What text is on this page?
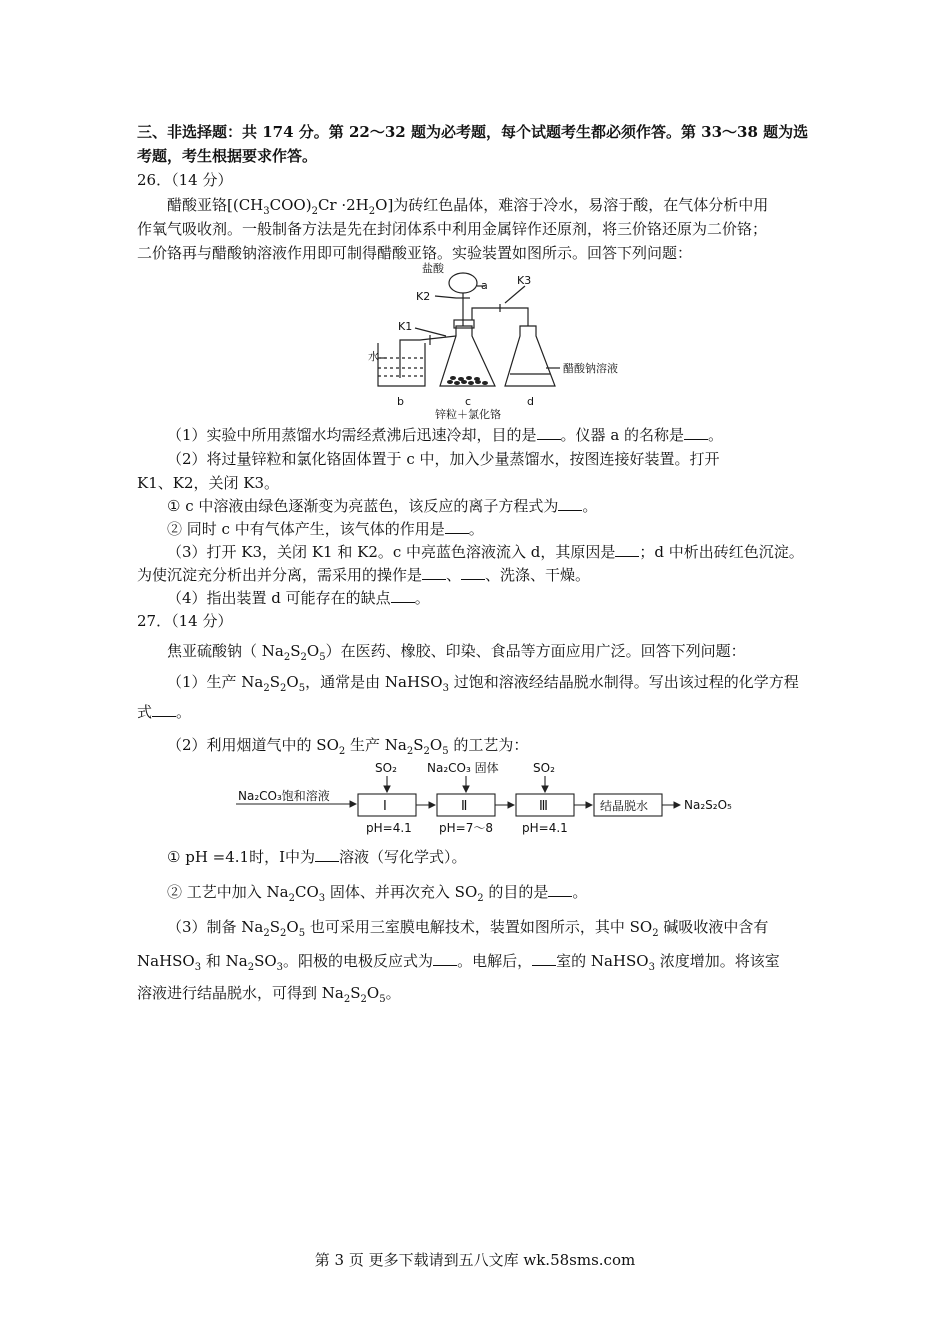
三、非选择题：共 174 分。第 22～32 题为必考题，每个试题考生都必须作答。第 33～38 题为选
考题，考生根据要求作答。
26．（14 分）
醋酸亚铬$[(CH_3COO)_2Cr \cdot 2H_2O]$为砖红色晶体，难溶于冷水，易溶于酸，在气体分析中用
作氧气吸收剂。一般制备方法是先在封闭体系中利用金属锌作还原剂，将三价铬还原为二价铬；
二价铬再与醋酸钠溶液作用即可制得醋酸亚铬。实验装置如图所示。回答下列问题：
盐酸
a	K3
K2
K1
水
b	c	d
醋酸钠溶液
锌粒＋氯化铬
（1）实验中所用蒸馏水均需经煮沸后迅速冷却，目的是 。仪器 a 的名称是 。
（2）将过量锌粒和氯化铬固体置于 c 中，加入少量蒸馏水，按图连接好装置。打开
K1、K2，关闭 K3。
① c 中溶液由绿色逐渐变为亮蓝色，该反应的离子方程式为 。
② 同时 c 中有气体产生，该气体的作用是 。
（3）打开 K3，关闭 K1 和 K2。c 中亮蓝色溶液流入 d，其原因是 ；d 中析出砖红色沉淀。
为使沉淀充分析出并分离，需采用的操作是 、 、洗涤、干燥。
（4）指出装置 d 可能存在的缺点 。
27．（14 分）
焦亚硫酸钠（ $Na_2S_2O_5$）在医药、橡胶、印染、食品等方面应用广泛。回答下列问题：
（1）生产 $Na_2S_2O_5$，通常是由 NaHSO$_3$ 过饱和溶液经结晶脱水制得。写出该过程的化学方程
式 。
（2）利用烟道气中的 $SO_2$ 生产 $Na_2S_2O_5$ 的工艺为：
Na₂CO₃饱和溶液
SO₂	Na₂CO₃ 固体	SO₂
Ⅰ	Ⅱ	Ⅲ	结晶脱水
pH=4.1 pH=7～8 pH=4.1
Na₂S₂O₅
① pH =4.1时，Ⅰ中为 溶液（写化学式）。
② 工艺中加入 $Na_2CO_3$ 固体、并再次充入 $SO_2$ 的目的是 。
（3）制备 $Na_2S_2O_5$ 也可采用三室膜电解技术，装置如图所示，其中 $SO_2$ 碱吸收液中含有
NaHSO$_3$ 和 $Na_2SO_3$。阳极的电极反应式为 。电解后， 室的 NaHSO$_3$ 浓度增加。将该室
溶液进行结晶脱水，可得到 $Na_2S_2O_5$。
第 3 页 更多下载请到五八文库 wk.58sms.com
